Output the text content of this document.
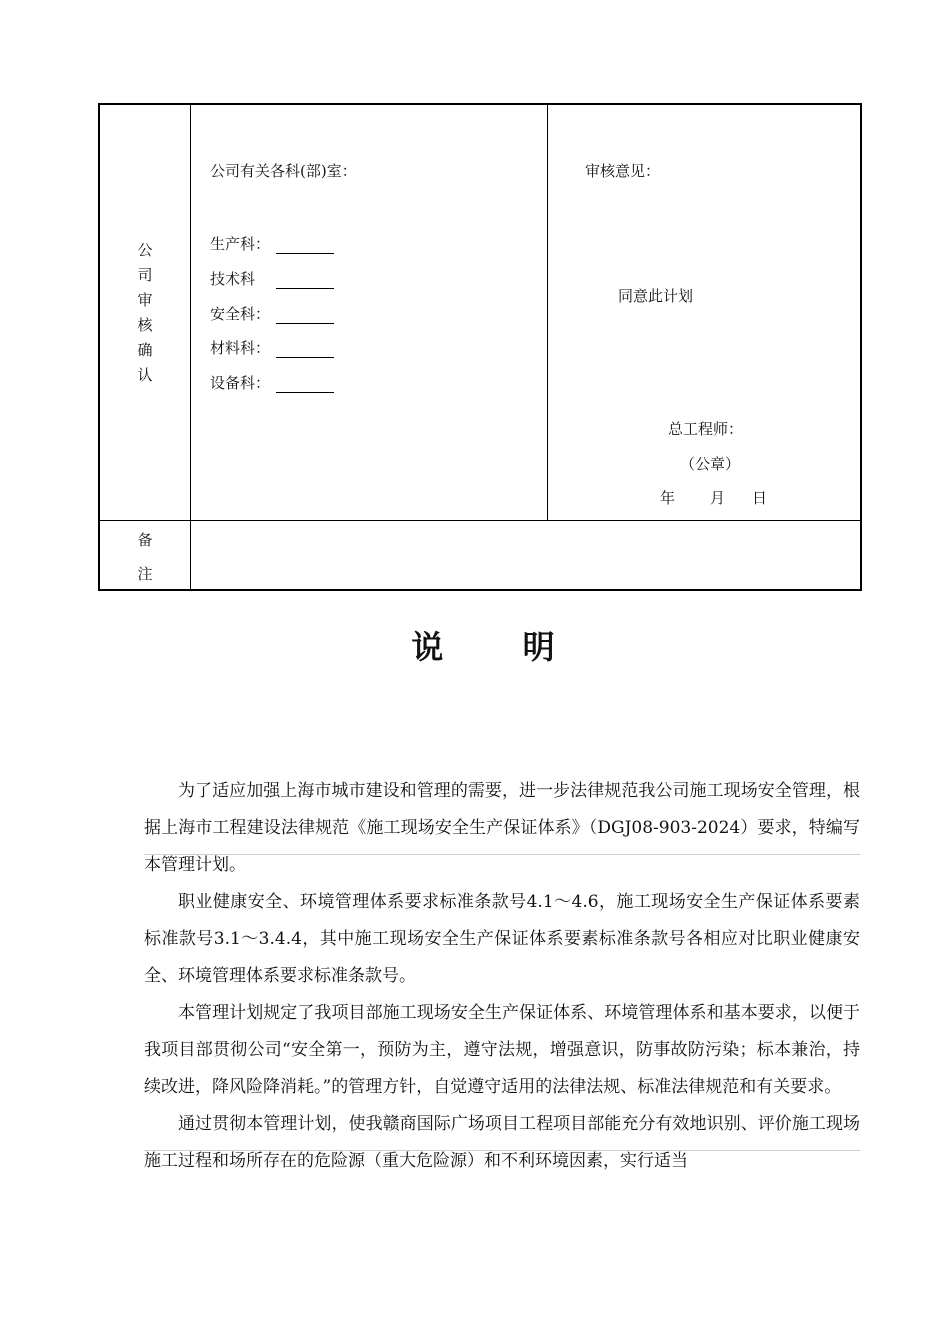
公
司
审
核
确
认
公司有关各科(部)室：
生产科：
技术科
安全科：
材料科：
设备科：
审核意见：
同意此计划
总工程师：
（公章）
年 月 日
备
注
说 明

为了适应加强上海市城市建设和管理的需要，进一步法律规范我公司施工现场安全管理，根据上海市工程建设法律规范《施工现场安全生产保证体系》（DGJ08-903-2024）要求，特编写本管理计划。

职业健康安全、环境管理体系要求标准条款号4.1～4.6，施工现场安全生产保证体系要素标准款号3.1～3.4.4，其中施工现场安全生产保证体系要素标准条款号各相应对比职业健康安全、环境管理体系要求标准条款号。

本管理计划规定了我项目部施工现场安全生产保证体系、环境管理体系和基本要求，以便于我项目部贯彻公司“安全第一，预防为主，遵守法规，增强意识，防事故防污染；标本兼治，持续改进，降风险降消耗。”的管理方针，自觉遵守适用的法律法规、标准法律规范和有关要求。

通过贯彻本管理计划，使我赣商国际广场项目工程项目部能充分有效地识别、评价施工现场施工过程和场所存在的危险源（重大危险源）和不利环境因素，实行适当
